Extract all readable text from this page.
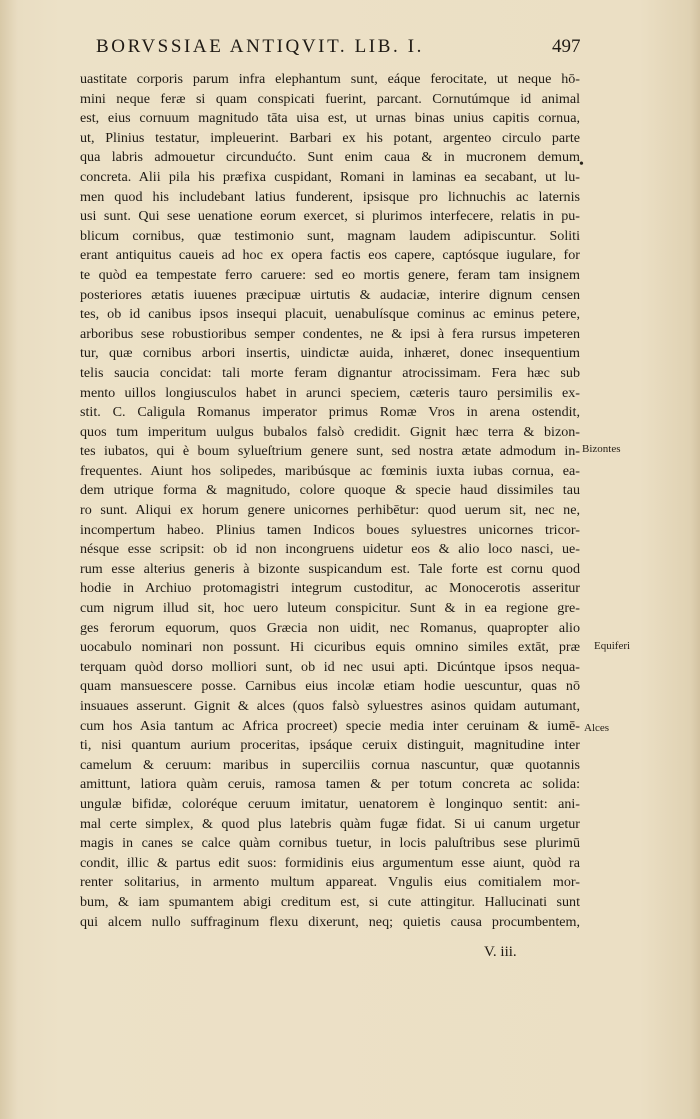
BORVSSIAE ANTIQVIT. LIB. I.	497
uastitate corporis parum infra elephantum sunt, eáque ferocitate, ut neque hō-
mini neque feræ si quam conspicati fuerint, parcant. Cornutúmque id animal
est, eius cornuum magnitudo tāta uisa est, ut urnas binas unius capitis cornua,
ut, Plinius testatur, impleuerint. Barbari ex his potant, argenteo circulo parte
qua labris admouetur circundućto. Sunt enim caua & in mucronem demum
concreta. Alii pila his præfixa cuspidant, Romani in laminas ea secabant, ut lu-
men quod his includebant latius funderent, ipsisque pro lichnuchis ac laternis
usi sunt. Qui sese uenatione eorum exercet, si plurimos interfecere, relatis in pu-
blicum cornibus, quæ testimonio sunt, magnam laudem adipiscuntur. Soliti
erant antiquitus caueis ad hoc ex opera factis eos capere, captósque iugulare, for
te quòd ea tempestate ferro caruere: sed eo mortis genere, feram tam insignem
posteriores ætatis iuuenes præcipuæ uirtutis & audaciæ, interire dignum censen
tes, ob id canibus ipsos insequi placuit, uenabulísque cominus ac eminus petere,
arboribus sese robustioribus semper condentes, ne & ipsi à fera rursus impeteren
tur, quæ cornibus arbori insertis, uindictæ auida, inhæret, donec insequentium
telis saucia concidat: tali morte feram dignantur atrocissimam. Fera hæc sub
mento uillos longiusculos habet in arunci speciem, cæteris tauro persimilis ex-
stit. C. Caligula Romanus imperator primus Romæ Vros in arena ostendit,
quos tum imperitum uulgus bubalos falsò credidit. Gignit hæc terra & bizon-
tes iubatos, qui è boum sylueſtrium genere sunt, sed nostra ætate admodum in-
frequentes. Aiunt hos solipedes, maribúsque ac fœminis iuxta iubas cornua, ea-
dem utrique forma & magnitudo, colore quoque & specie haud dissimiles tau
ro sunt. Aliqui ex horum genere unicornes perhibētur: quod uerum sit, nec ne,
incompertum habeo. Plinius tamen Indicos boues syluestres unicornes tricor-
nésque esse scripsit: ob id non incongruens uidetur eos & alio loco nasci, ue-
rum esse alterius generis à bizonte suspicandum est. Tale forte est cornu quod
hodie in Archiuo protomagistri integrum custoditur, ac Monocerotis asseritur
cum nigrum illud sit, hoc uero luteum conspicitur. Sunt & in ea regione gre-
ges ferorum equorum, quos Græcia non uidit, nec Romanus, quapropter alio
uocabulo nominari non possunt. Hi cicuribus equis omnino similes extāt, præ
terquam quòd dorso molliori sunt, ob id nec usui apti. Dicúntque ipsos nequa-
quam mansuescere posse. Carnibus eius incolæ etiam hodie uescuntur, quas nō
insuaues asserunt. Gignit & alces (quos falsò syluestres asinos quidam autumant,
cum hos Asia tantum ac Africa procreet) specie media inter ceruinam & iumē-
ti, nisi quantum aurium proceritas, ipsáque ceruix distinguit, magnitudine inter
camelum & ceruum: maribus in superciliis cornua nascuntur, quæ quotannis
amittunt, latiora quàm ceruis, ramosa tamen & per totum concreta ac solida:
ungulæ bifidæ, coloréque ceruum imitatur, uenatorem è longinquo sentit: ani-
mal certe simplex, & quod plus latebris quàm fugæ fidat. Si ui canum urgetur
magis in canes se calce quàm cornibus tuetur, in locis paluſtribus sese plurimū
condit, illic & partus edit suos: formidinis eius argumentum esse aiunt, quòd ra
renter solitarius, in armento multum appareat. Vngulis eius comitialem mor-
bum, & iam spumantem abigi creditum est, si cute attingitur. Hallucinati sunt
qui alcem nullo suffraginum flexu dixerunt, neq; quietis causa procumbentem,
•
Bizontes
Equiferi
Alces
V. iii.
